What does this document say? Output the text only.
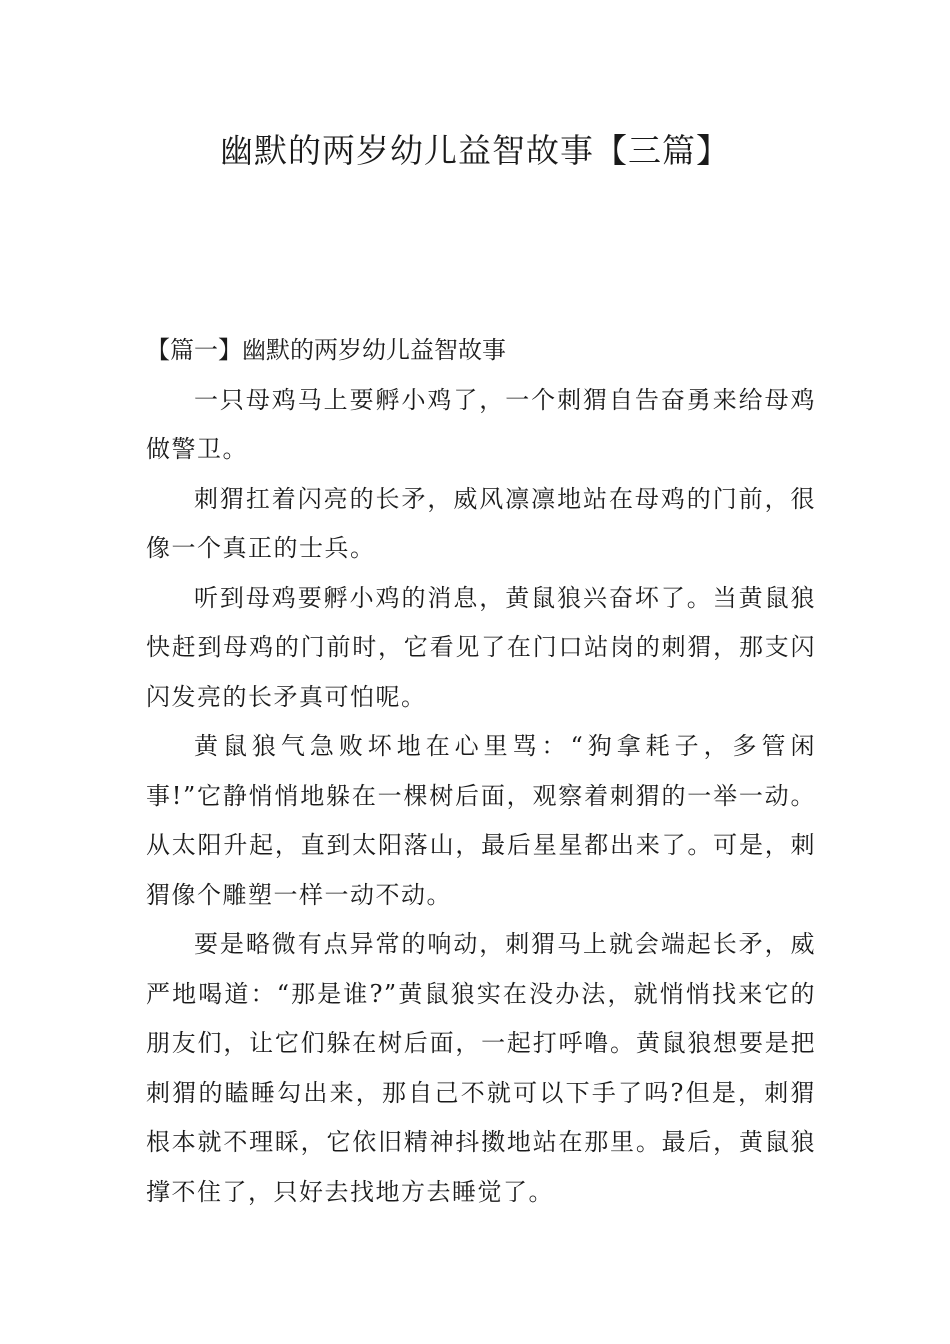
幽默的两岁幼儿益智故事【三篇】
【篇一】幽默的两岁幼儿益智故事

一只母鸡马上要孵小鸡了，一个刺猬自告奋勇来给母鸡做警卫。

刺猬扛着闪亮的长矛，威风凛凛地站在母鸡的门前，很像一个真正的士兵。

听到母鸡要孵小鸡的消息，黄鼠狼兴奋坏了。当黄鼠狼快赶到母鸡的门前时，它看见了在门口站岗的刺猬，那支闪闪发亮的长矛真可怕呢。

黄鼠狼气急败坏地在心里骂：“狗拿耗子，多管闲事!”它静悄悄地躲在一棵树后面，观察着刺猬的一举一动。从太阳升起，直到太阳落山，最后星星都出来了。可是，刺猬像个雕塑一样一动不动。

要是略微有点异常的响动，刺猬马上就会端起长矛，威严地喝道：“那是谁?”黄鼠狼实在没办法，就悄悄找来它的朋友们，让它们躲在树后面，一起打呼噜。黄鼠狼想要是把刺猬的瞌睡勾出来，那自己不就可以下手了吗?但是，刺猬根本就不理睬，它依旧精神抖擞地站在那里。最后，黄鼠狼撑不住了，只好去找地方去睡觉了。
